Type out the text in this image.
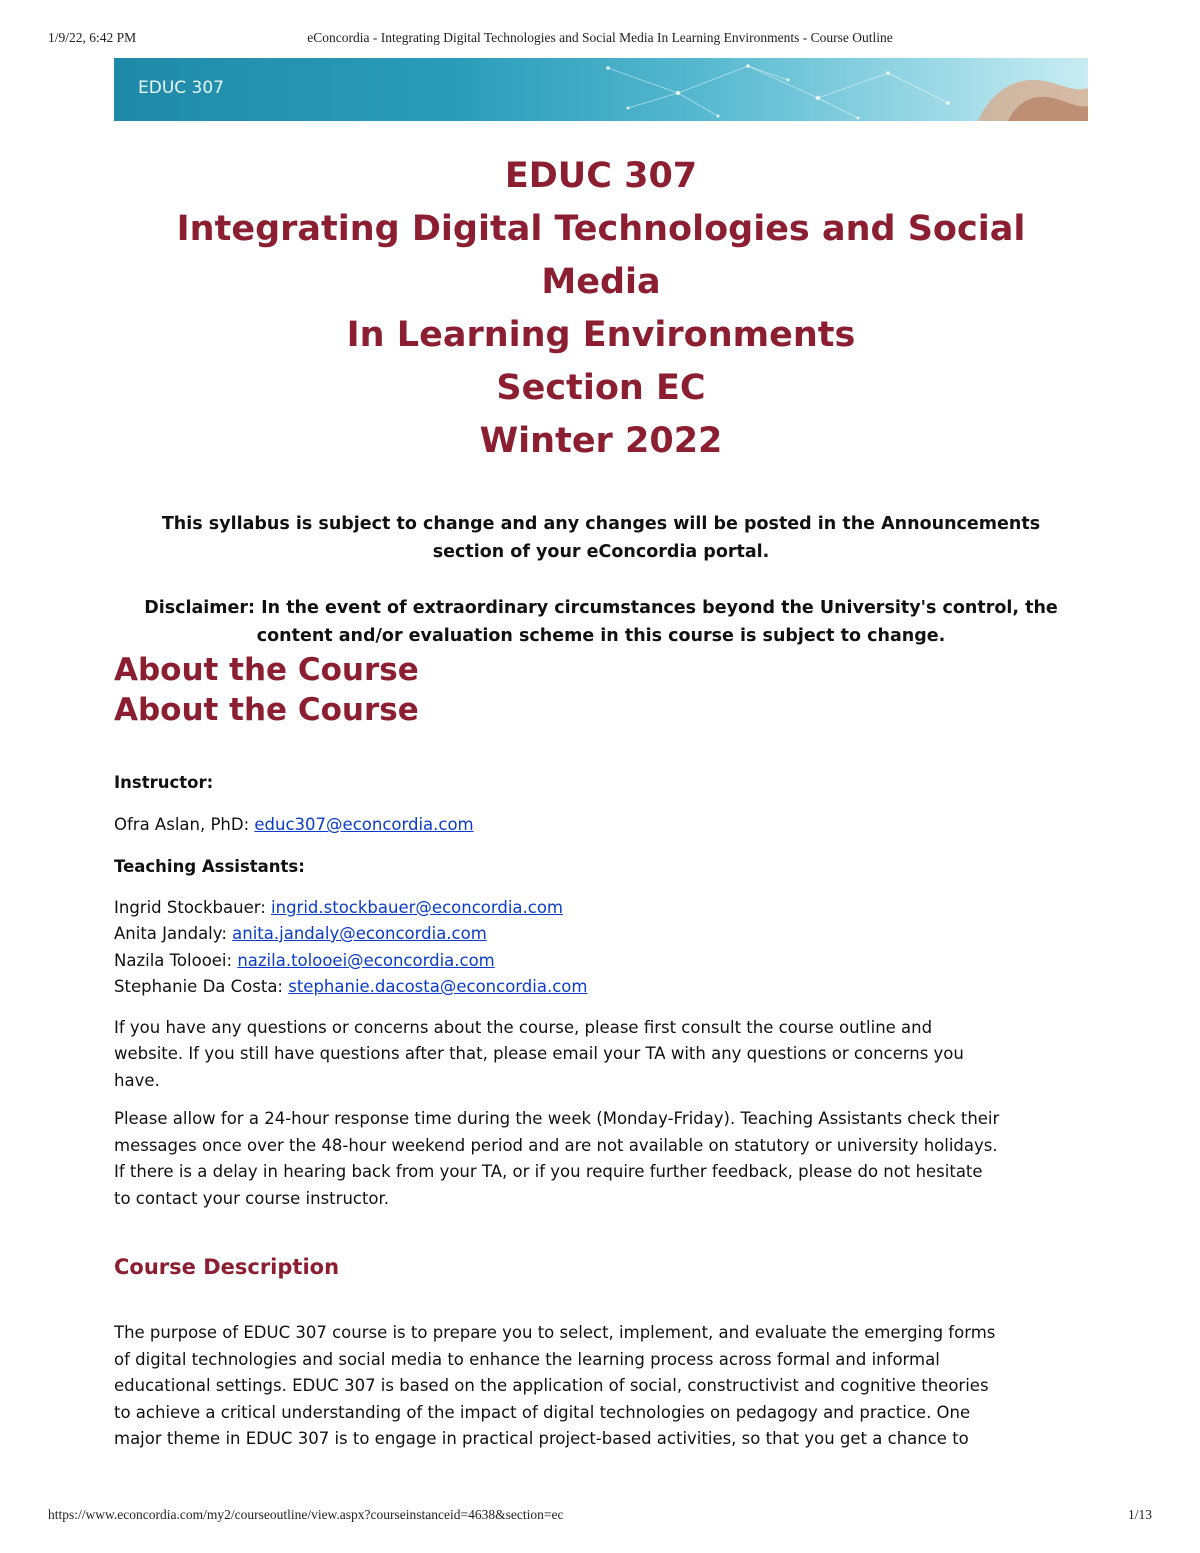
1/9/22, 6:42 PM	eConcordia - Integrating Digital Technologies and Social Media In Learning Environments - Course Outline
EDUC 307
EDUC 307
Integrating Digital Technologies and Social Media
In Learning Environments
Section EC
Winter 2022
This syllabus is subject to change and any changes will be posted in the Announcements
section of your eConcordia portal.
Disclaimer: In the event of extraordinary circumstances beyond the University's control, the
content and/or evaluation scheme in this course is subject to change.
About the Course
About the Course

Instructor:

Ofra Aslan, PhD: educ307@econcordia.com

Teaching Assistants:

Ingrid Stockbauer: ingrid.stockbauer@econcordia.com
Anita Jandaly: anita.jandaly@econcordia.com
Nazila Tolooei: nazila.tolooei@econcordia.com
Stephanie Da Costa: stephanie.dacosta@econcordia.com
If you have any questions or concerns about the course, please first consult the course outline and
website. If you still have questions after that, please email your TA with any questions or concerns you
have.
Please allow for a 24-hour response time during the week (Monday-Friday). Teaching Assistants check their
messages once over the 48-hour weekend period and are not available on statutory or university holidays.
If there is a delay in hearing back from your TA, or if you require further feedback, please do not hesitate
to contact your course instructor.
Course Description
The purpose of EDUC 307 course is to prepare you to select, implement, and evaluate the emerging forms
of digital technologies and social media to enhance the learning process across formal and informal
educational settings. EDUC 307 is based on the application of social, constructivist and cognitive theories
to achieve a critical understanding of the impact of digital technologies on pedagogy and practice. One
major theme in EDUC 307 is to engage in practical project-based activities, so that you get a chance to
https://www.econcordia.com/my2/courseoutline/view.aspx?courseinstanceid=4638&section=ec	1/13
